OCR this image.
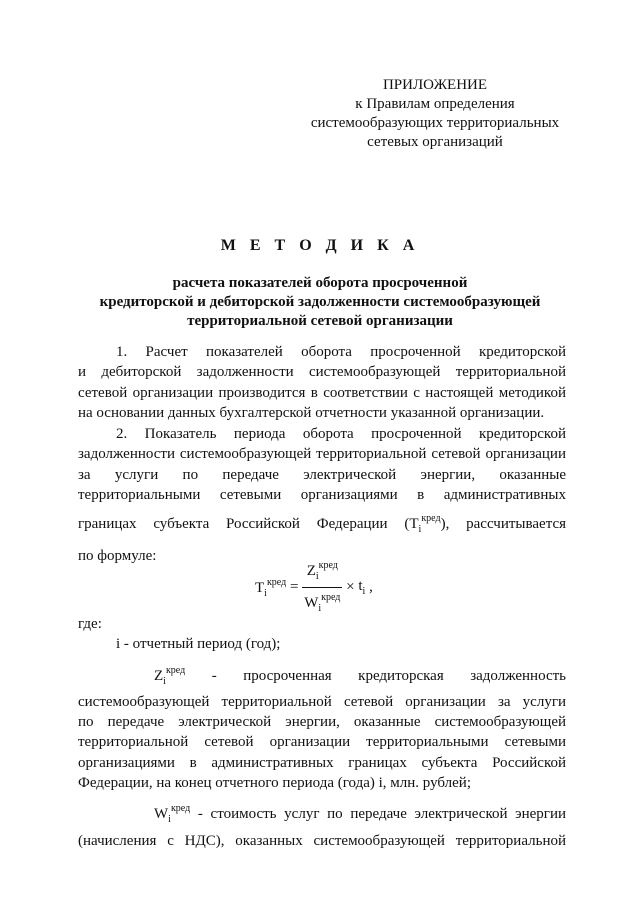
ПРИЛОЖЕНИЕ
к Правилам определения
системообразующих территориальных
сетевых организаций
М Е Т О Д И К А
расчета показателей оборота просроченной
кредиторской и дебиторской задолженности системообразующей
территориальной сетевой организации
1. Расчет показателей оборота просроченной кредиторской
и дебиторской задолженности системообразующей территориальной
сетевой организации производится в соответствии с настоящей методикой
на основании данных бухгалтерской отчетности указанной организации.
2. Показатель периода оборота просроченной кредиторской
задолженности системообразующей территориальной сетевой организации
за услуги по передаче электрической энергии, оказанные
территориальными сетевыми организациями в административных
границах субъекта Российской Федерации $(T_i^{кред})$, рассчитывается
по формуле:
$T_i^{кред} = \frac{Z_i^{кред}}{W_i^{кред}} \times t_i$ ,
где:
i - отчетный период (год);
$Z_i^{кред}$ - просроченная кредиторская задолженность
системообразующей территориальной сетевой организации за услуги
по передаче электрической энергии, оказанные системообразующей
территориальной сетевой организации территориальными сетевыми
организациями в административных границах субъекта Российской
Федерации, на конец отчетного периода (года) i, млн. рублей;
$W_i^{кред}$ - стоимость услуг по передаче электрической энергии
(начисления с НДС), оказанных системообразующей территориальной
